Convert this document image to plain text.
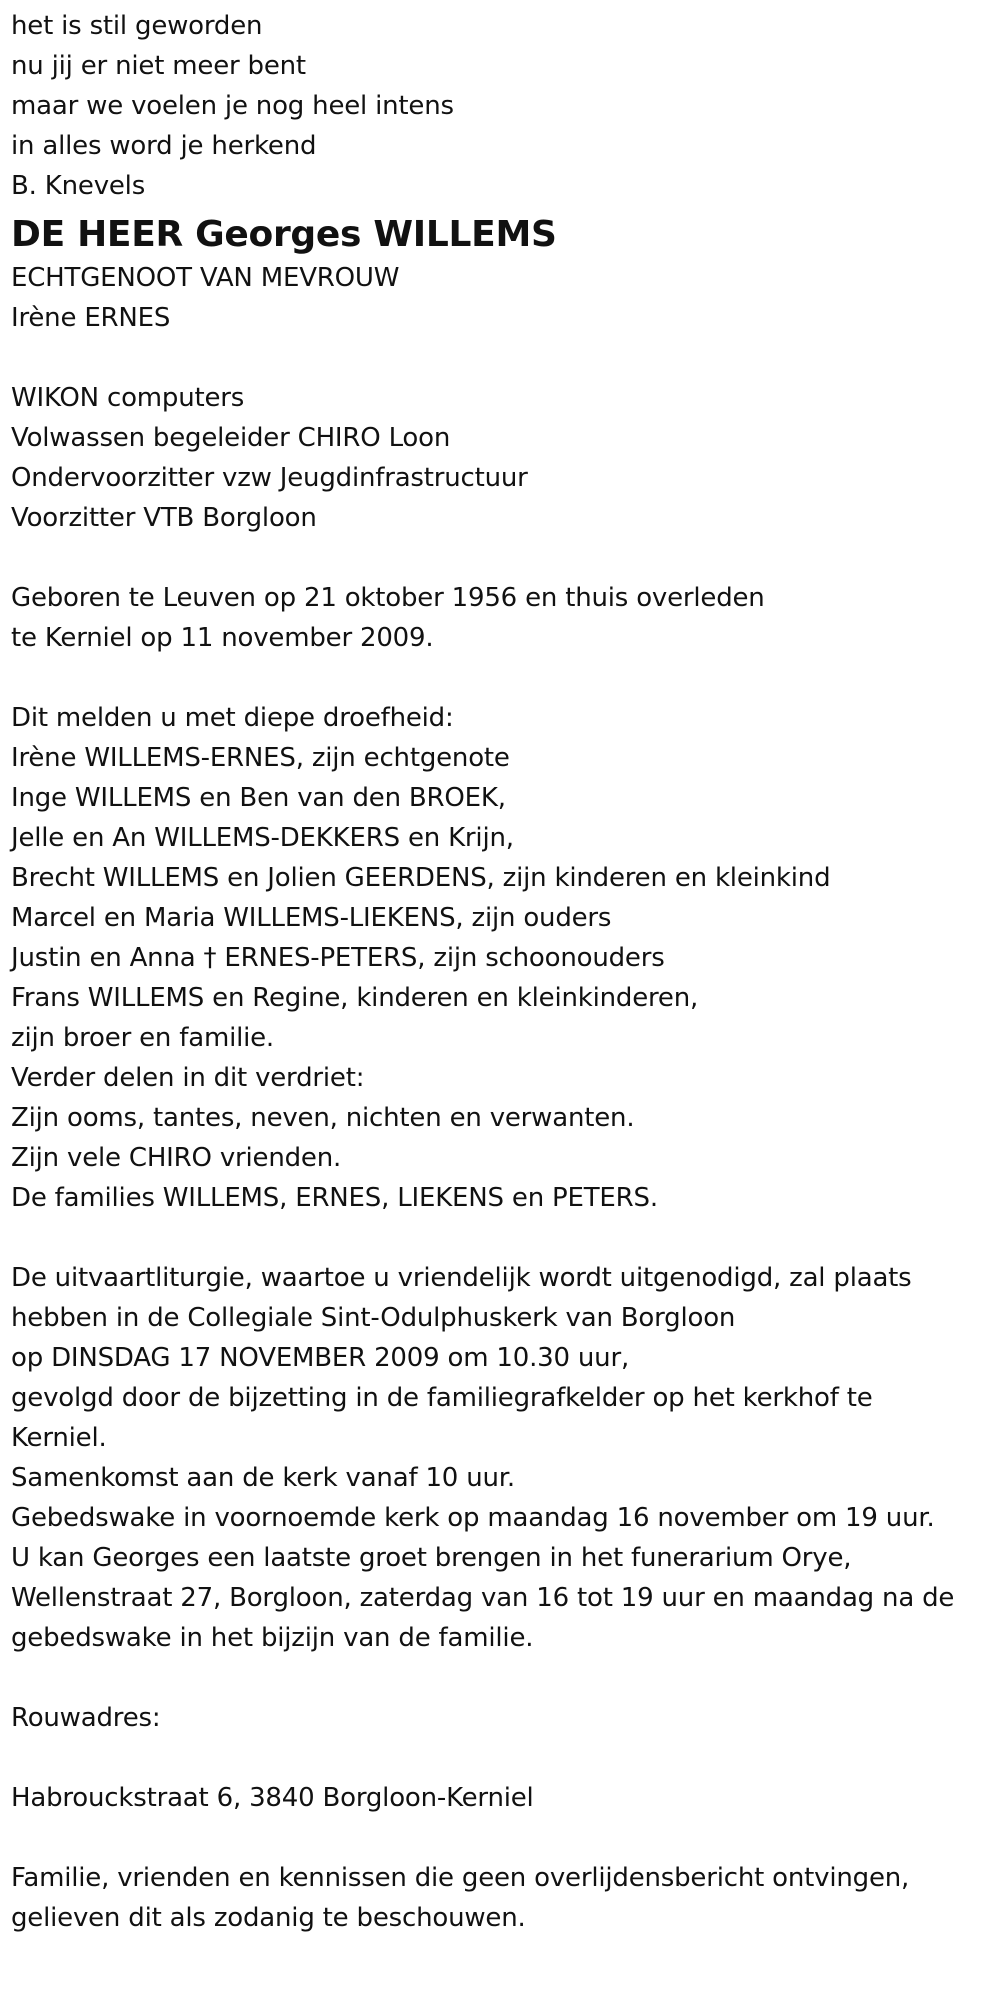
het is stil geworden
nu jij er niet meer bent
maar we voelen je nog heel intens
in alles word je herkend
B. Knevels
DE HEER Georges WILLEMS
ECHTGENOOT VAN MEVROUW
Irène ERNES
WIKON computers
Volwassen begeleider CHIRO Loon
Ondervoorzitter vzw Jeugdinfrastructuur
Voorzitter VTB Borgloon
Geboren te Leuven op 21 oktober 1956 en thuis overleden
te Kerniel op 11 november 2009.
Dit melden u met diepe droefheid:
Irène WILLEMS-ERNES, zijn echtgenote
Inge WILLEMS en Ben van den BROEK,
Jelle en An WILLEMS-DEKKERS en Krijn,
Brecht WILLEMS en Jolien GEERDENS, zijn kinderen en kleinkind
Marcel en Maria WILLEMS-LIEKENS, zijn ouders
Justin en Anna † ERNES-PETERS, zijn schoonouders
Frans WILLEMS en Regine, kinderen en kleinkinderen,
zijn broer en familie.
Verder delen in dit verdriet:
Zijn ooms, tantes, neven, nichten en verwanten.
Zijn vele CHIRO vrienden.
De families WILLEMS, ERNES, LIEKENS en PETERS.
De uitvaartliturgie, waartoe u vriendelijk wordt uitgenodigd, zal plaats
hebben in de Collegiale Sint-Odulphuskerk van Borgloon
op DINSDAG 17 NOVEMBER 2009 om 10.30 uur,
gevolgd door de bijzetting in de familiegrafkelder op het kerkhof te
Kerniel.
Samenkomst aan de kerk vanaf 10 uur.
Gebedswake in voornoemde kerk op maandag 16 november om 19 uur.
U kan Georges een laatste groet brengen in het funerarium Orye,
Wellenstraat 27, Borgloon, zaterdag van 16 tot 19 uur en maandag na de
gebedswake in het bijzijn van de familie.
Rouwadres:
Habrouckstraat 6, 3840 Borgloon-Kerniel
Familie, vrienden en kennissen die geen overlijdensbericht ontvingen,
gelieven dit als zodanig te beschouwen.
